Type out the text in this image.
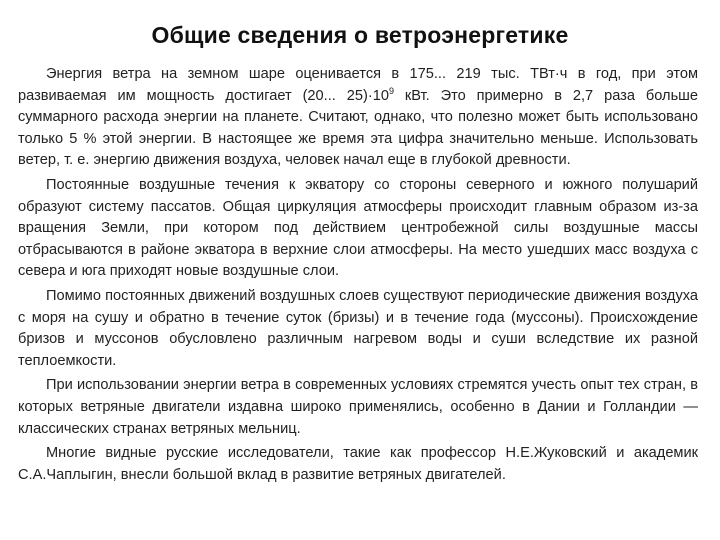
Общие сведения о ветроэнергетике

Энергия ветра на земном шаре оценивается в 175... 219 тыс. ТВт·ч в год, при этом развиваемая им мощность достигает (20... $25)\cdot 10^9$ кВт. Это примерно в 2,7 раза больше суммарного расхода энергии на планете. Считают, однако, что полезно может быть использовано только 5 % этой энергии. В настоящее же время эта цифра значительно меньше. Использовать ветер, т. е. энергию движения воздуха, человек начал еще в глубокой древности.

Постоянные воздушные течения к экватору со стороны северного и южного полушарий образуют систему пассатов. Общая циркуляция атмосферы происходит главным образом из-за вращения Земли, при котором под действием центробежной силы воздушные массы отбрасываются в районе экватора в верхние слои атмосферы. На место ушедших масс воздуха с севера и юга приходят новые воздушные слои.

Помимо постоянных движений воздушных слоев существуют периодические движения воздуха с моря на сушу и обратно в течение суток (бризы) и в течение года (муссоны). Происхождение бризов и муссонов обусловлено различным нагревом воды и суши вследствие их разной теплоемкости.

При использовании энергии ветра в современных условиях стремятся учесть опыт тех стран, в которых ветряные двигатели издавна широко применялись, особенно в Дании и Голландии — классических странах ветряных мельниц.

Многие видные русские исследователи, такие как профессор Н.Е.Жуковский и академик С.А.Чаплыгин, внесли большой вклад в развитие ветряных двигателей.
